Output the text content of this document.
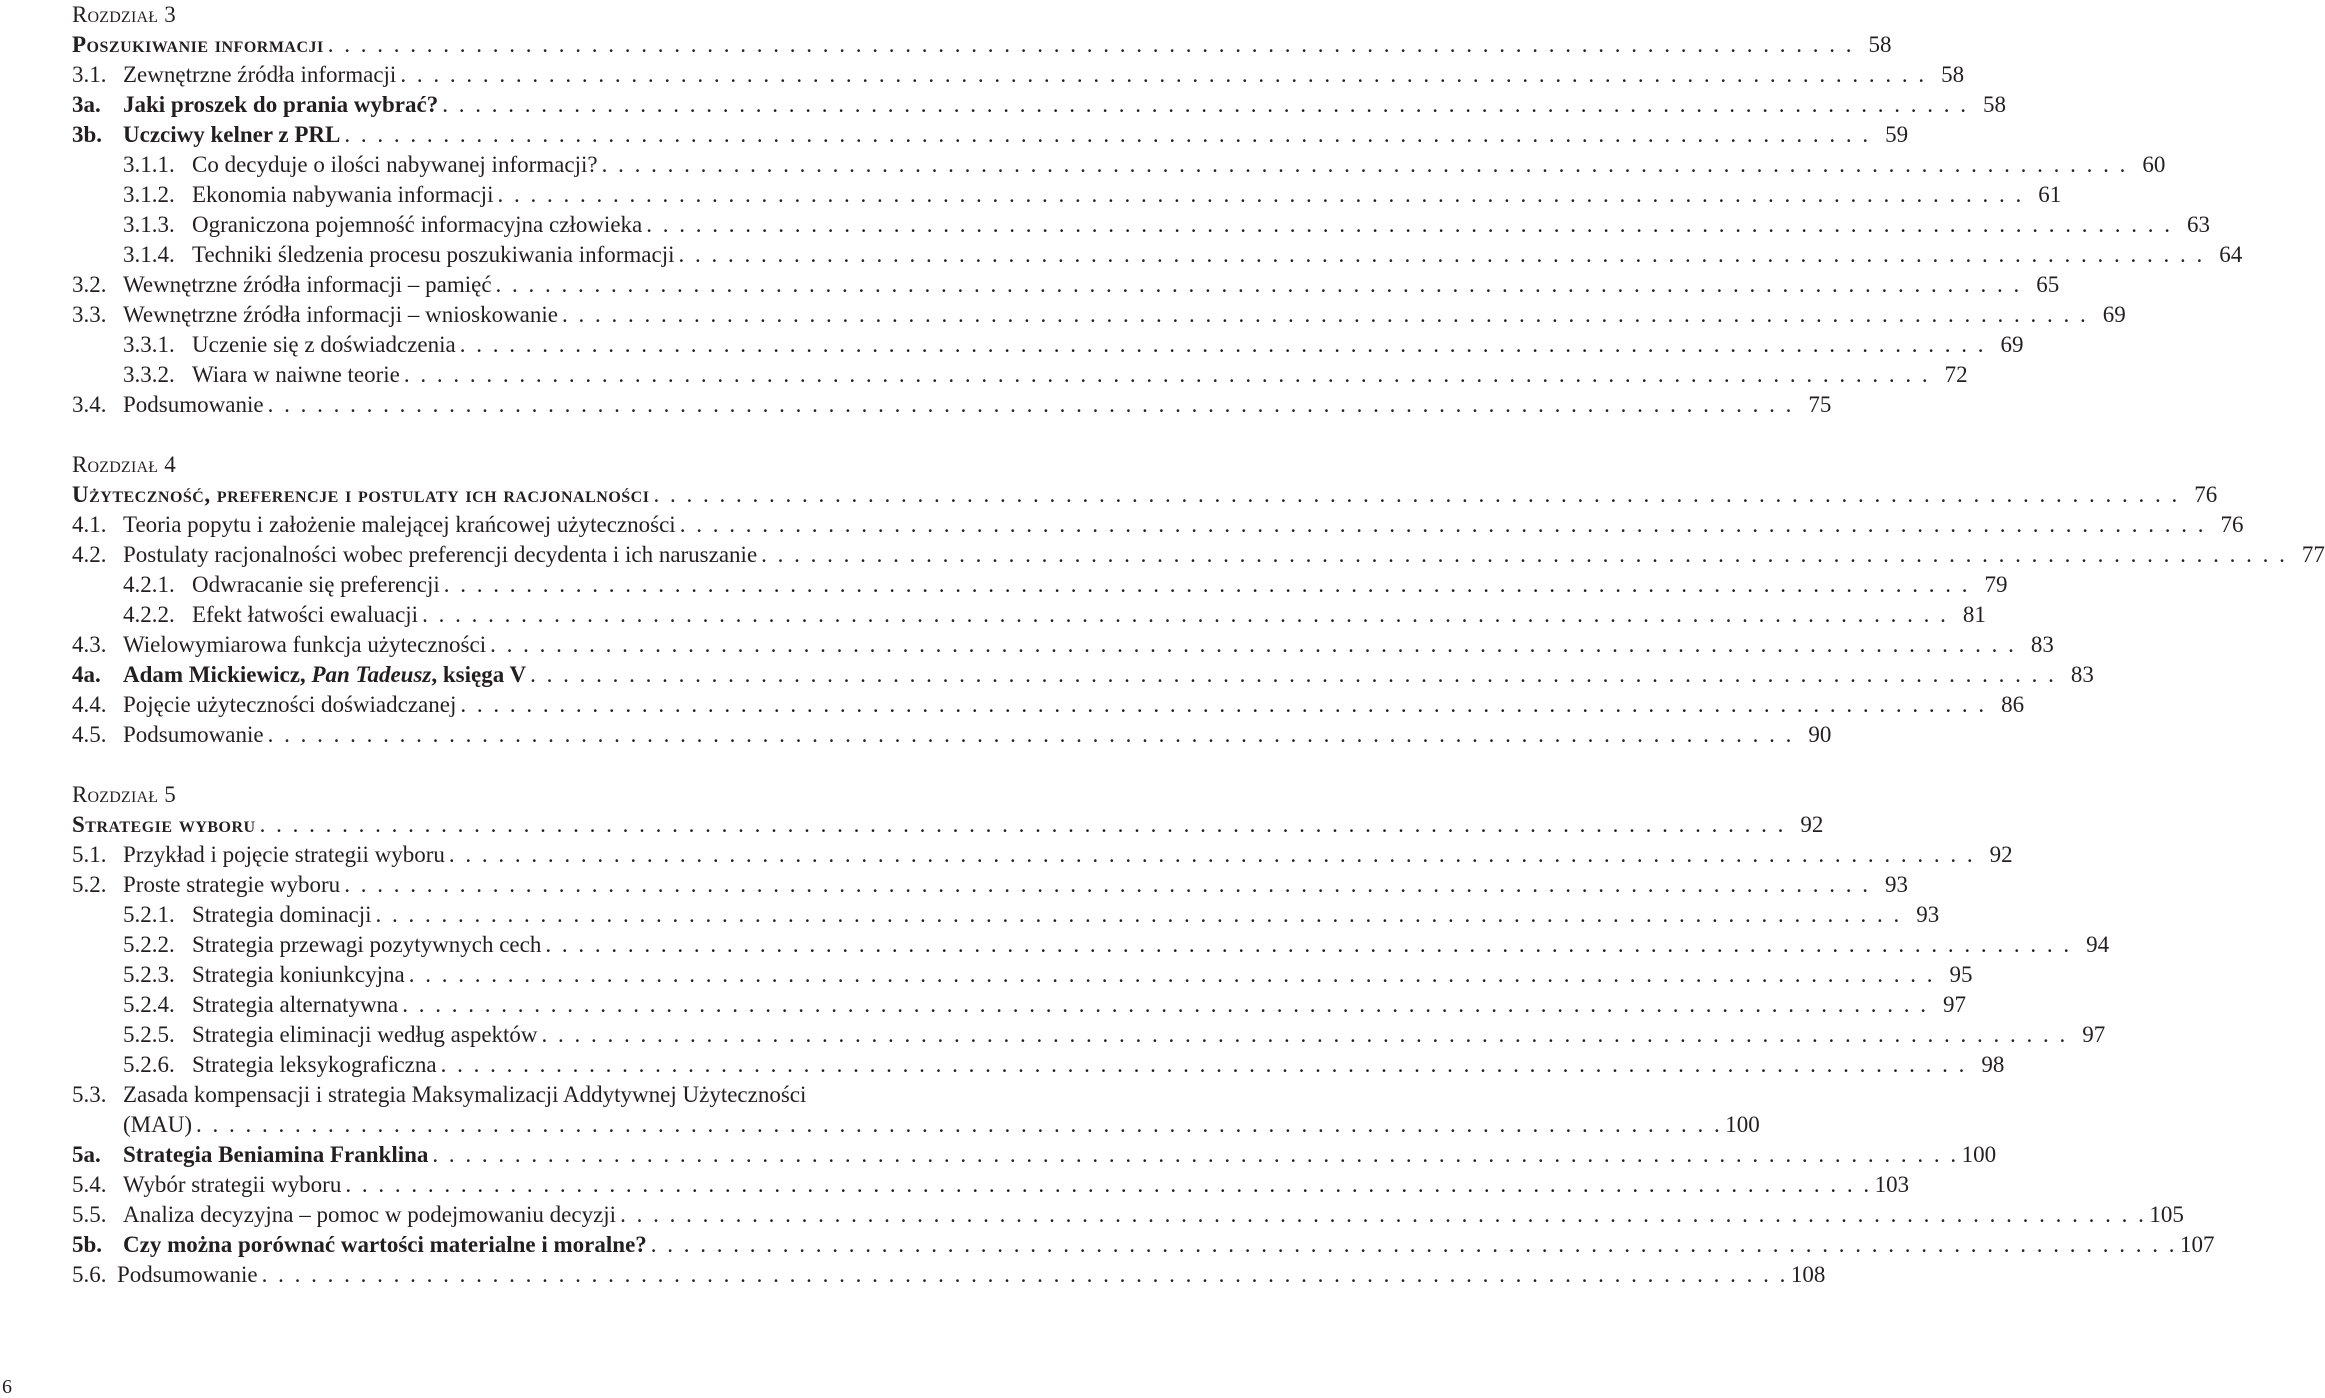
Rozdział 3
Poszukiwanie informacji . . .	58
3.1. Zewnętrzne źródła informacji . . .	58
3a. Jaki proszek do prania wybrać? . . .	58
3b. Uczciwy kelner z PRL . . .	59
3.1.1. Co decyduje o ilości nabywanej informacji? . . .	60
3.1.2. Ekonomia nabywania informacji . . .	61
3.1.3. Ograniczona pojemność informacyjna człowieka . . .	63
3.1.4. Techniki śledzenia procesu poszukiwania informacji . . .	64
3.2. Wewnętrzne źródła informacji – pamięć . . .	65
3.3. Wewnętrzne źródła informacji – wnioskowanie . . .	69
3.3.1. Uczenie się z doświadczenia . . .	69
3.3.2. Wiara w naiwne teorie . . .	72
3.4. Podsumowanie . . .	75
Rozdział 4
Użyteczność, preferencje i postulaty ich racjonalności . . .	76
4.1. Teoria popytu i założenie malejącej krańcowej użyteczności . . .	76
4.2. Postulaty racjonalności wobec preferencji decydenta i ich naruszanie . . .	77
4.2.1. Odwracanie się preferencji . . .	79
4.2.2. Efekt łatwości ewaluacji . . .	81
4.3. Wielowymiarowa funkcja użyteczności . . .	83
4a. Adam Mickiewicz, Pan Tadeusz, księga V . . .	83
4.4. Pojęcie użyteczności doświadczanej . . .	86
4.5. Podsumowanie . . .	90
Rozdział 5
Strategie wyboru . . .	92
5.1. Przykład i pojęcie strategii wyboru . . .	92
5.2. Proste strategie wyboru . . .	93
5.2.1. Strategia dominacji . . .	93
5.2.2. Strategia przewagi pozytywnych cech . . .	94
5.2.3. Strategia koniunkcyjna . . .	95
5.2.4. Strategia alternatywna . . .	97
5.2.5. Strategia eliminacji według aspektów . . .	97
5.2.6. Strategia leksykograficzna . . .	98
5.3. Zasada kompensacji i strategia Maksymalizacji Addytywnej Użyteczności
(MAU) . . .	100
5a. Strategia Beniamina Franklina . . .	100
5.4. Wybór strategii wyboru . . .	103
5.5. Analiza decyzyjna – pomoc w podejmowaniu decyzji . . .	105
5b. Czy można porównać wartości materialne i moralne? . . .	107
5.6. Podsumowanie . . .	108
6
